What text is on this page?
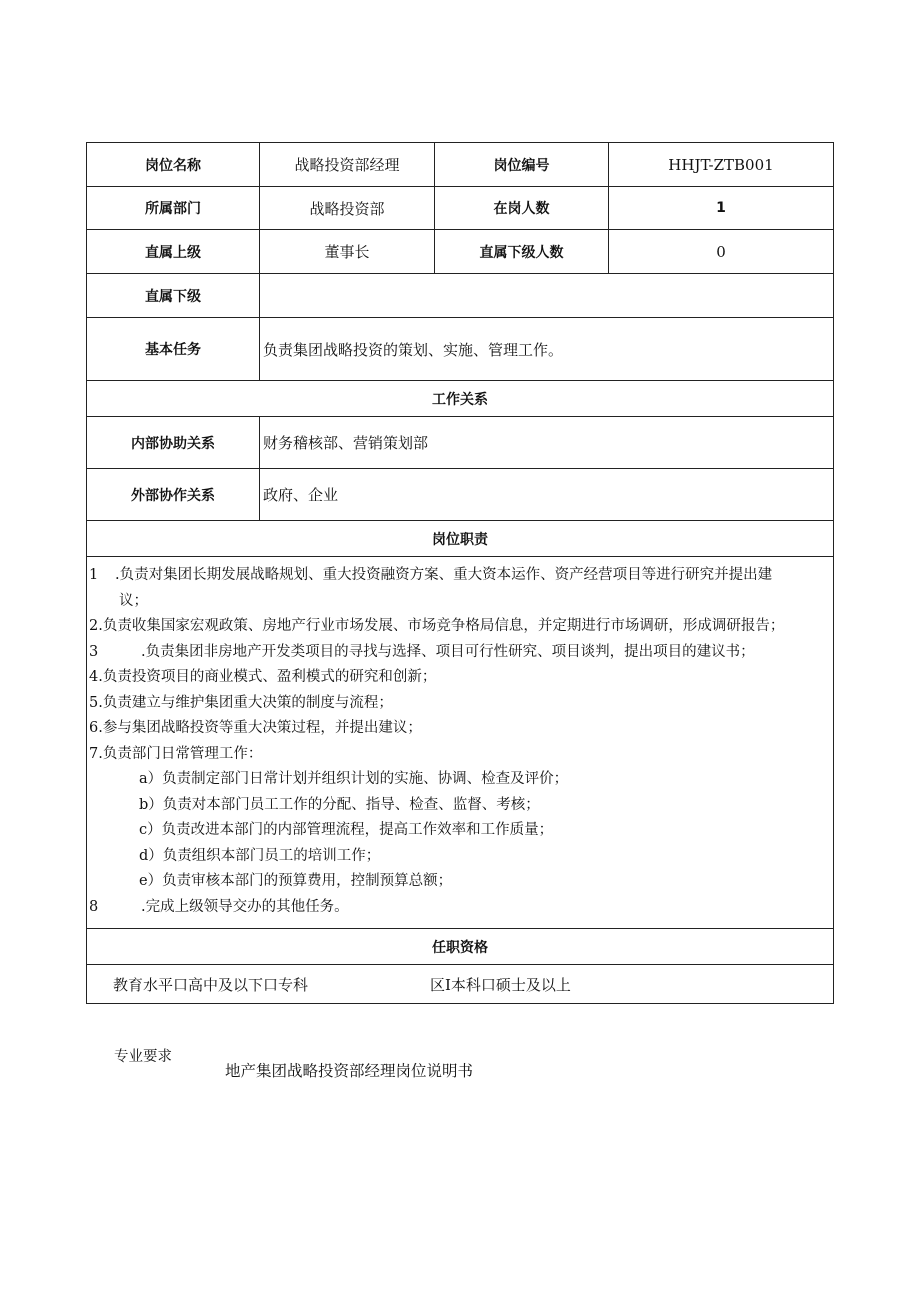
岗位名称	战略投资部经理	岗位编号	HHJT-ZTB001
所属部门	战略投资部	在岗人数	1
直属上级	董事长	直属下级人数	0
直属下级
基本任务	负责集团战略投资的策划、实施、管理工作。
工作关系
内部协助关系	财务稽核部、营销策划部
外部协作关系	政府、企业
岗位职责
1 .负责对集团长期发展战略规划、重大投资融资方案、重大资本运作、资产经营项目等进行研究并提出建
议；
2.负责收集国家宏观政策、房地产行业市场发展、市场竞争格局信息，并定期进行市场调研，形成调研报告；
3	.负责集团非房地产开发类项目的寻找与选择、项目可行性研究、项目谈判，提出项目的建议书；
4.负责投资项目的商业模式、盈利模式的研究和创新；
5.负责建立与维护集团重大决策的制度与流程；
6.参与集团战略投资等重大决策过程，并提出建议；
7.负责部门日常管理工作：
a）负责制定部门日常计划并组织计划的实施、协调、检查及评价；
b）负责对本部门员工工作的分配、指导、检查、监督、考核；
c）负责改进本部门的内部管理流程，提高工作效率和工作质量；
d）负责组织本部门员工的培训工作；
e）负责审核本部门的预算费用，控制预算总额；
8	.完成上级领导交办的其他任务。
任职资格
教育水平口高中及以下口专科	区I本科口硕士及以上
专业要求
地产集团战略投资部经理岗位说明书
